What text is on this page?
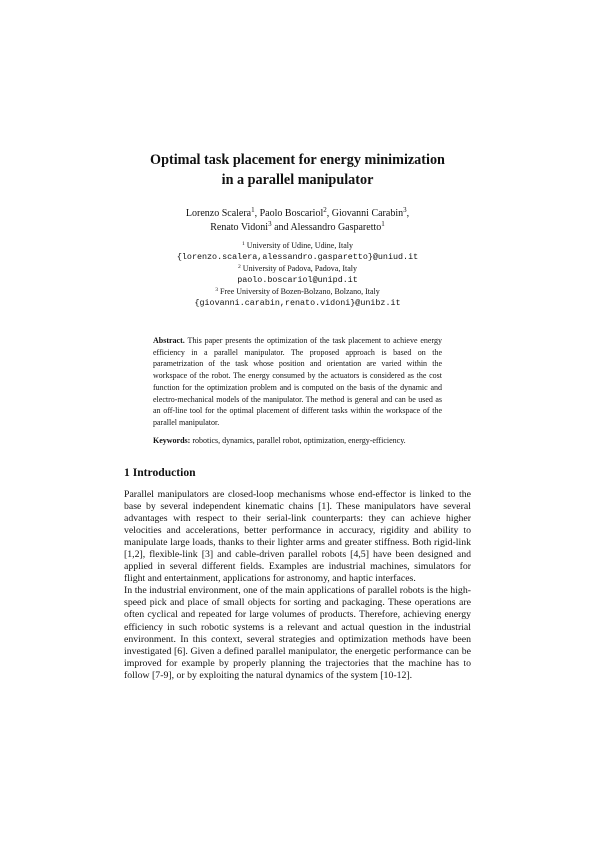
Optimal task placement for energy minimization
in a parallel manipulator
Lorenzo Scalera$^1$, Paolo Boscariol$^2$, Giovanni Carabin$^3$,
Renato Vidoni$^3$ and Alessandro Gasparetto$^1$
$^1$ University of Udine, Udine, Italy
{lorenzo.scalera,alessandro.gasparetto}@uniud.it
$^2$ University of Padova, Padova, Italy
paolo.boscariol@unipd.it
$^3$ Free University of Bozen-Bolzano, Bolzano, Italy
{giovanni.carabin,renato.vidoni}@unibz.it
Abstract. This paper presents the optimization of the task placement to achieve energy efficiency in a parallel manipulator. The proposed approach is based on the parametrization of the task whose position and orientation are varied within the workspace of the robot. The energy consumed by the actuators is considered as the cost function for the optimization problem and is computed on the basis of the dynamic and electro-mechanical models of the manipulator. The method is general and can be used as an off-line tool for the optimal placement of different tasks within the workspace of the parallel manipulator.
Keywords: robotics, dynamics, parallel robot, optimization, energy-efficiency.
1 Introduction

Parallel manipulators are closed-loop mechanisms whose end-effector is linked to the base by several independent kinematic chains [1]. These manipulators have several advantages with respect to their serial-link counterparts: they can achieve higher velocities and accelerations, better performance in accuracy, rigidity and ability to manipulate large loads, thanks to their lighter arms and greater stiffness. Both rigid-link [1,2], flexible-link [3] and cable-driven parallel robots [4,5] have been designed and applied in several different fields. Examples are industrial machines, simulators for flight and entertainment, applications for astronomy, and haptic interfaces.

In the industrial environment, one of the main applications of parallel robots is the high-speed pick and place of small objects for sorting and packaging. These operations are often cyclical and repeated for large volumes of products. Therefore, achieving energy efficiency in such robotic systems is a relevant and actual question in the industrial environment. In this context, several strategies and optimization methods have been investigated [6]. Given a defined parallel manipulator, the energetic performance can be improved for example by properly planning the trajectories that the machine has to follow [7-9], or by exploiting the natural dynamics of the system [10-12].
